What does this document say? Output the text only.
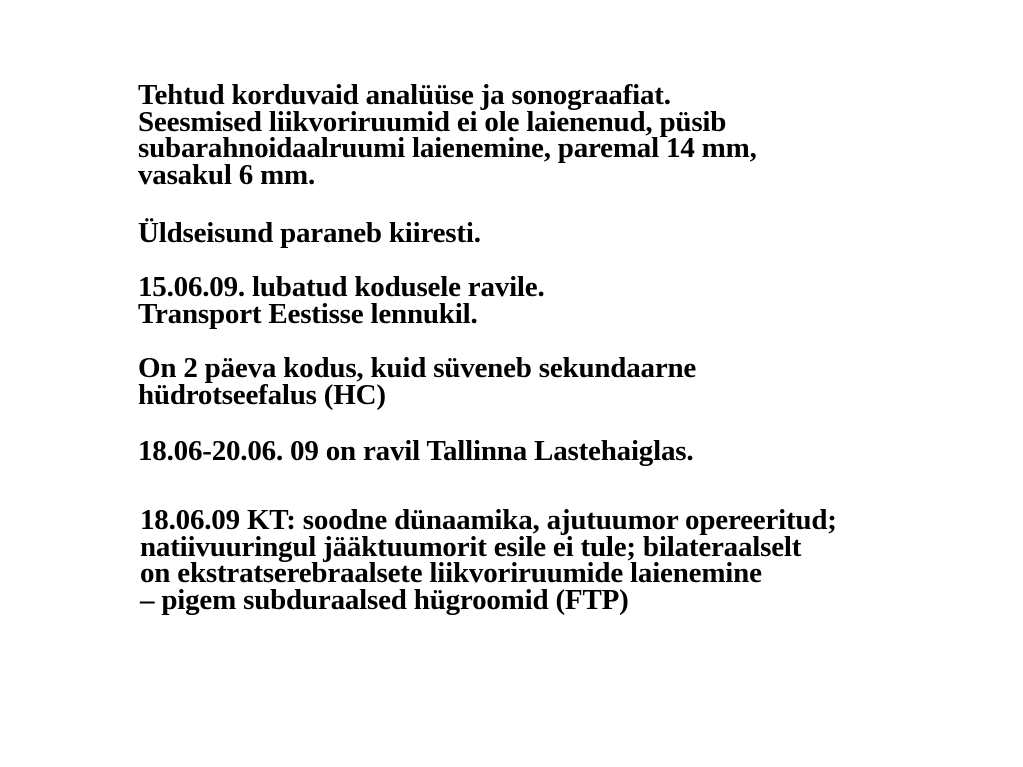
Tehtud korduvaid analüüse ja sonograafiat.
Seesmised liikvoriruumid ei ole laienenud, püsib
subarahnoidaalruumi laienemine, paremal 14 mm,
vasakul 6 mm.

Üldseisund paraneb kiiresti.

15.06.09. lubatud kodusele ravile.
Transport Eestisse lennukil.

On 2 päeva kodus, kuid süveneb sekundaarne
hüdrotseefalus (HC)

18.06-20.06. 09 on ravil Tallinna Lastehaiglas.

18.06.09 KT: soodne dünaamika, ajutuumor opereeritud;
natiivuuringul jääktuumorit esile ei tule; bilateraalselt
on ekstratserebraalsete liikvoriruumide laienemine
– pigem subduraalsed hügroomid (FTP)
